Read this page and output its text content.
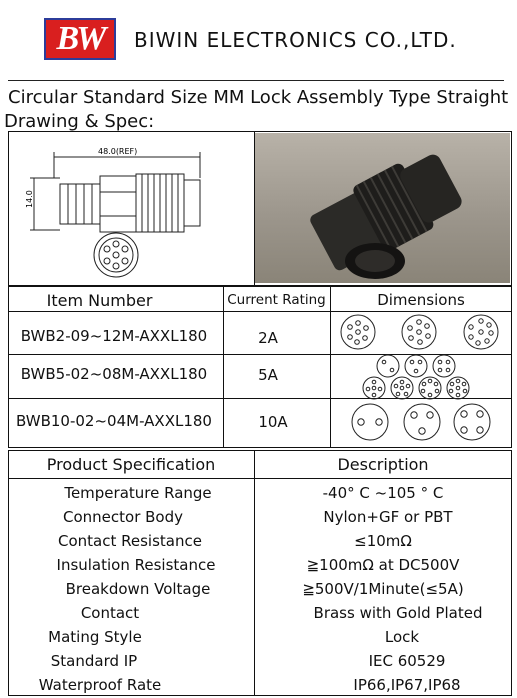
BW	BIWIN ELECTRONICS CO.,LTD.
Circular Standard Size MM Lock Assembly Type Straight
Drawing & Spec:
48.0(REF)
14.0
Item Number	Current Rating	Dimensions
BWB2-09~12M-AXXL180	2A
BWB5-02~08M-AXXL180	5A
BWB10-02~04M-AXXL180	10A
Product Specification	Description
Temperature Range	-40° C ~105 ° C
Connector Body	Nylon+GF or PBT
Contact Resistance	≤10mΩ
Insulation Resistance	≧100mΩ at DC500V
Breakdown Voltage	≧500V/1Minute(≤5A)
Contact	Brass with Gold Plated
Mating Style	Lock
Standard IP	IEC 60529
Waterproof Rate	IP66,IP67,IP68
